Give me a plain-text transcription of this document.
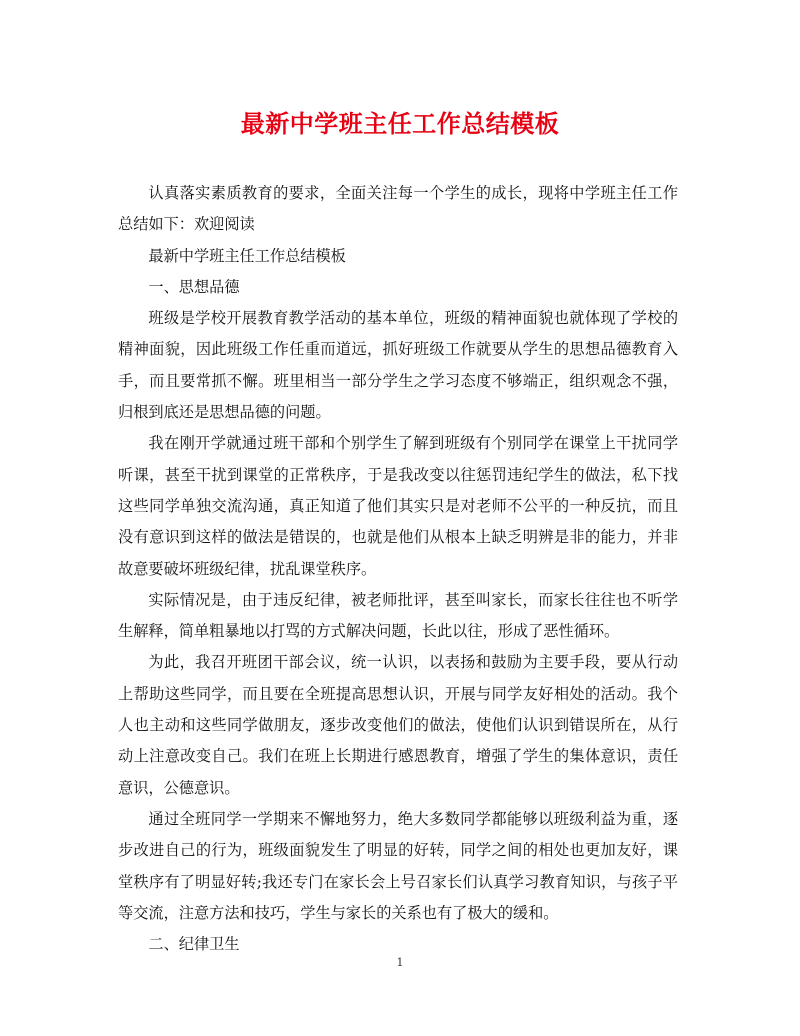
最新中学班主任工作总结模板

认真落实素质教育的要求，全面关注每一个学生的成长，现将中学班主任工作总结如下：欢迎阅读

最新中学班主任工作总结模板

一、思想品德

班级是学校开展教育教学活动的基本单位，班级的精神面貌也就体现了学校的精神面貌，因此班级工作任重而道远，抓好班级工作就要从学生的思想品德教育入手，而且要常抓不懈。班里相当一部分学生之学习态度不够端正，组织观念不强，归根到底还是思想品德的问题。

我在刚开学就通过班干部和个别学生了解到班级有个别同学在课堂上干扰同学听课，甚至干扰到课堂的正常秩序，于是我改变以往惩罚违纪学生的做法，私下找这些同学单独交流沟通，真正知道了他们其实只是对老师不公平的一种反抗，而且没有意识到这样的做法是错误的，也就是他们从根本上缺乏明辨是非的能力，并非故意要破坏班级纪律，扰乱课堂秩序。

实际情况是，由于违反纪律，被老师批评，甚至叫家长，而家长往往也不听学生解释，简单粗暴地以打骂的方式解决问题，长此以往，形成了恶性循环。

为此，我召开班团干部会议，统一认识，以表扬和鼓励为主要手段，要从行动上帮助这些同学，而且要在全班提高思想认识，开展与同学友好相处的活动。我个人也主动和这些同学做朋友，逐步改变他们的做法，使他们认识到错误所在，从行动上注意改变自己。我们在班上长期进行感恩教育，增强了学生的集体意识，责任意识，公德意识。

通过全班同学一学期来不懈地努力，绝大多数同学都能够以班级利益为重，逐步改进自己的行为，班级面貌发生了明显的好转，同学之间的相处也更加友好，课堂秩序有了明显好转;我还专门在家长会上号召家长们认真学习教育知识，与孩子平等交流，注意方法和技巧，学生与家长的关系也有了极大的缓和。

二、纪律卫生

1
